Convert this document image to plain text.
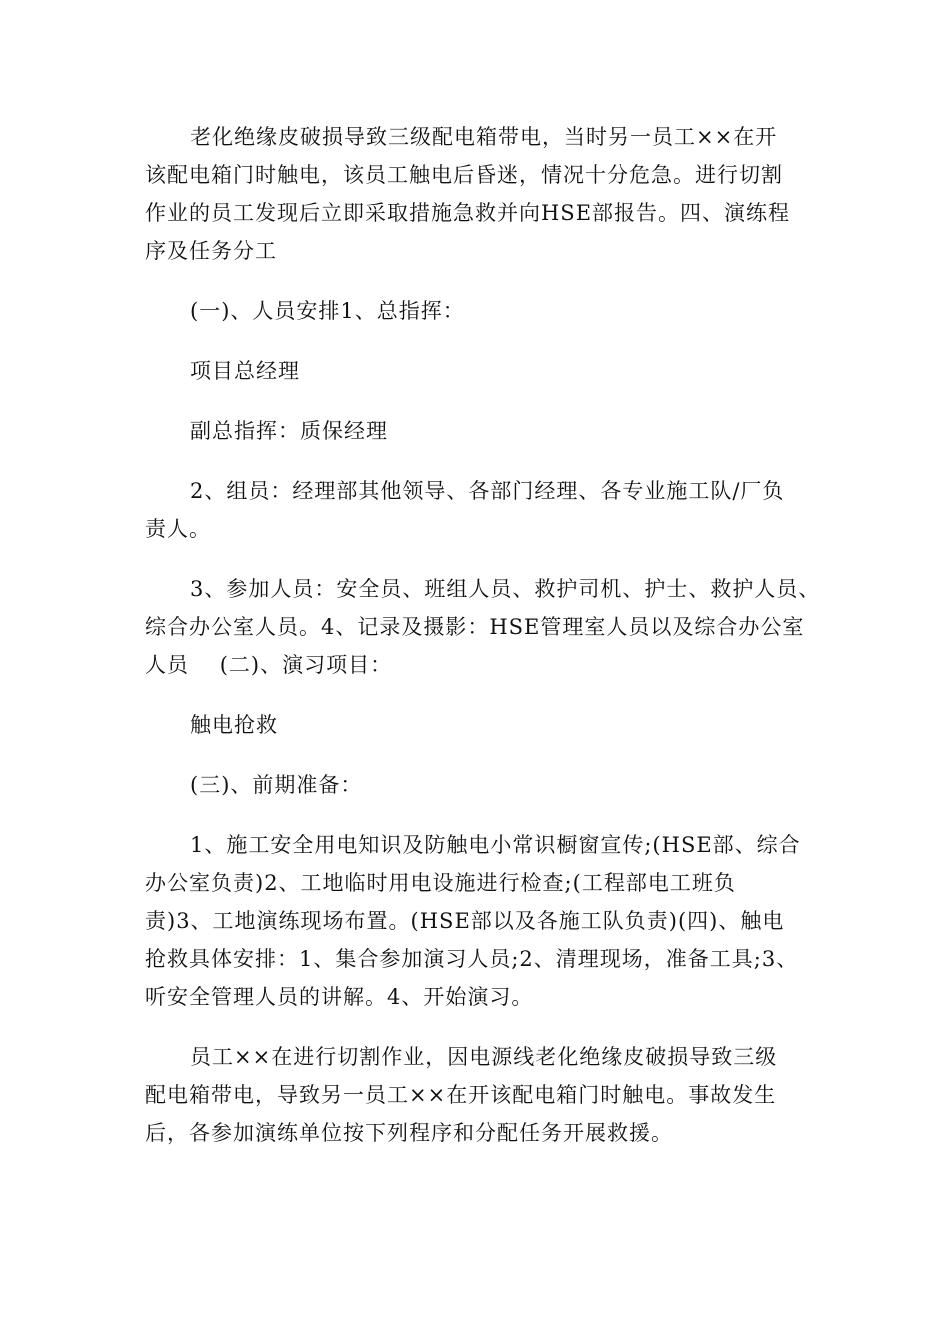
老化绝缘皮破损导致三级配电箱带电，当时另一员工××在开
该配电箱门时触电，该员工触电后昏迷，情况十分危急。进行切割
作业的员工发现后立即采取措施急救并向HSE部报告。四、演练程
序及任务分工

(一)、人员安排1、总指挥：

项目总经理

副总指挥：质保经理

2、组员：经理部其他领导、各部门经理、各专业施工队/厂负
责人。

3、参加人员：安全员、班组人员、救护司机、护士、救护人员、
综合办公室人员。4、记录及摄影：HSE管理室人员以及综合办公室
人员    (二)、演习项目：

触电抢救

(三)、前期准备：

1、施工安全用电知识及防触电小常识橱窗宣传;(HSE部、综合
办公室负责)2、工地临时用电设施进行检查;(工程部电工班负
责)3、工地演练现场布置。(HSE部以及各施工队负责)(四)、触电
抢救具体安排：1、集合参加演习人员;2、清理现场，准备工具;3、
听安全管理人员的讲解。4、开始演习。

员工××在进行切割作业，因电源线老化绝缘皮破损导致三级
配电箱带电，导致另一员工××在开该配电箱门时触电。事故发生
后，各参加演练单位按下列程序和分配任务开展救援。
